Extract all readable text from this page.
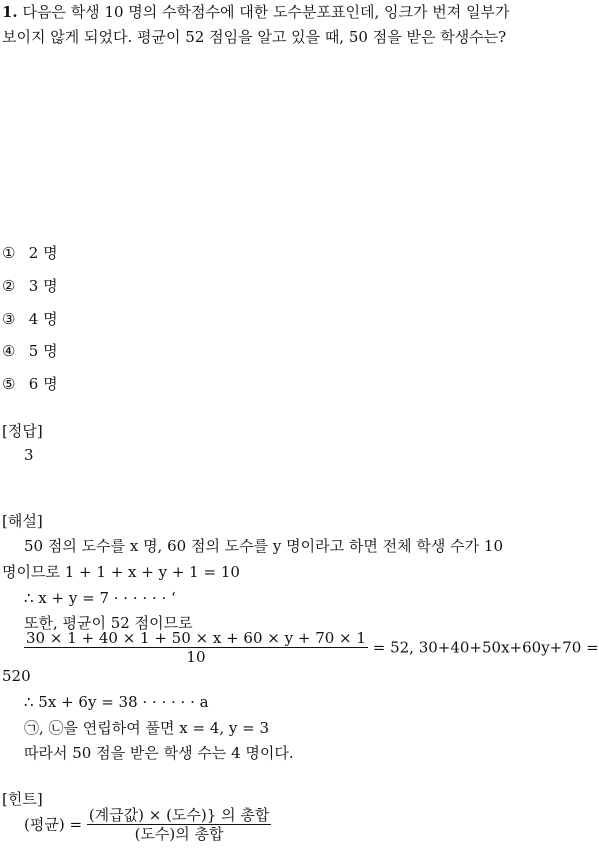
1. 다음은 학생 10 명의 수학점수에 대한 도수분포표인데, 잉크가 번져 일부가
보이지 않게 되었다. 평균이 52 점임을 알고 있을 때, 50 점을 받은 학생수는?
① 2 명
② 3 명
③ 4 명
④ 5 명
⑤ 6 명
[정답]
3
[해설]
50 점의 도수를 x 명, 60 점의 도수를 y 명이라고 하면 전체 학생 수가 10
명이므로 1 + 1 + x + y + 1 = 10
∴ x + y = 7 · · · · · · ‘
또한, 평균이 52 점이므로
$\frac{30 \times 1 + 40 \times 1 + 50 \times x + 60 \times y + 70 \times 1}{10} = 52$, 30+40+50x+60y+70 =
520
∴ 5x + 6y = 38 · · · · · · a
㉠, ㉡을 연립하여 풀면 x = 4, y = 3
따라서 50 점을 받은 학생 수는 4 명이다.
[힌트]
(평균) = $\frac{\text{(계급값) × (도수)\} 의 총합}}{\text{(도수)의 총합}}$
